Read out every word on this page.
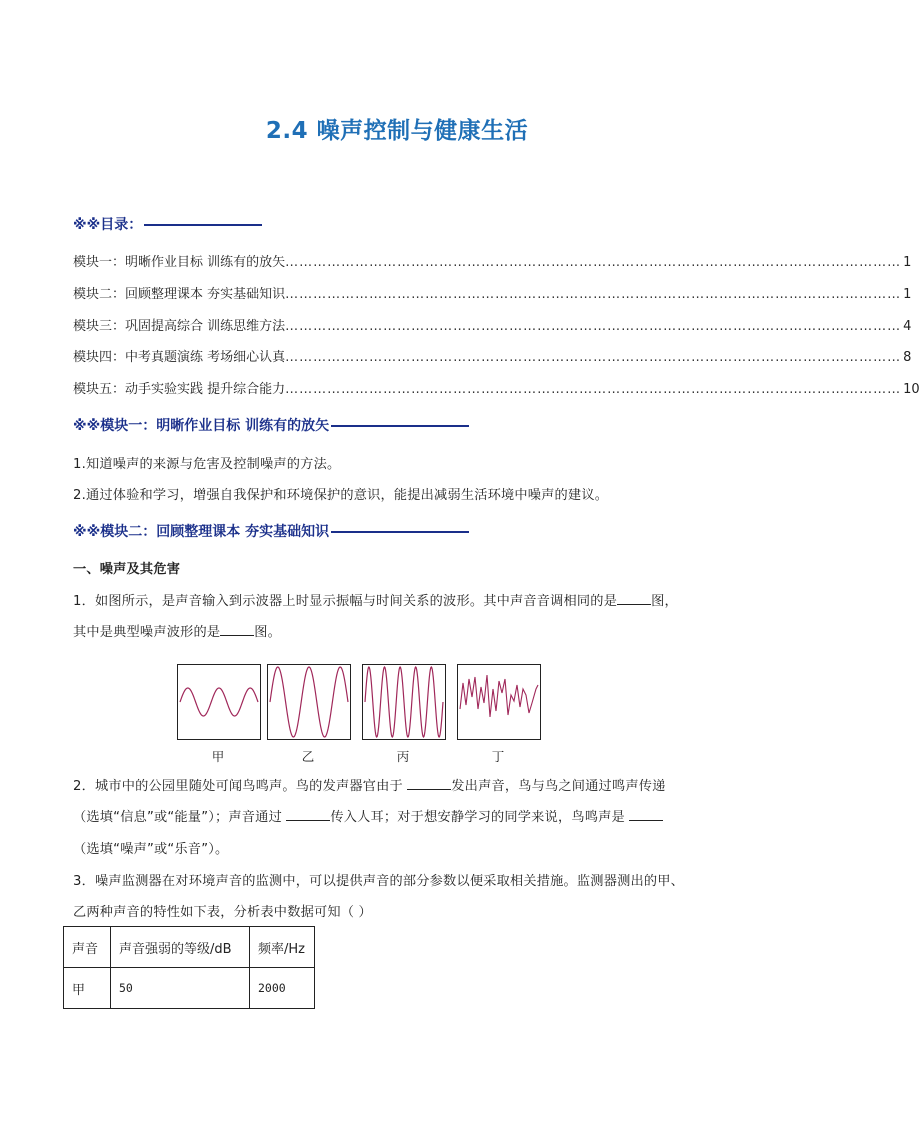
2.4 噪声控制与健康生活
※※目录：
模块一：明晰作业目标 训练有的放矢 …………………………………………………………………………………………………………………… 1
模块二：回顾整理课本 夯实基础知识 …………………………………………………………………………………………………………………… 1
模块三：巩固提高综合 训练思维方法 …………………………………………………………………………………………………………………… 4
模块四：中考真题演练 考场细心认真 …………………………………………………………………………………………………………………… 8
模块五：动手实验实践 提升综合能力 …………………………………………………………………………………………………………………… 10
※※模块一：明晰作业目标 训练有的放矢
1.知道噪声的来源与危害及控制噪声的方法。
2.通过体验和学习，增强自我保护和环境保护的意识，能提出减弱生活环境中噪声的建议。
※※模块二：回顾整理课本 夯实基础知识
一、噪声及其危害
1．如图所示，是声音输入到示波器上时显示振幅与时间关系的波形。其中声音音调相同的是	图，
其中是典型噪声波形的是	图。
甲	乙	丙	丁
2．城市中的公园里随处可闻鸟鸣声。鸟的发声器官由于	发出声音，鸟与鸟之间通过鸣声传递
（选填“信息”或“能量”）；声音通过	传入人耳；对于想安静学习的同学来说，鸟鸣声是
（选填“噪声”或“乐音”）。
3．噪声监测器在对环境声音的监测中，可以提供声音的部分参数以便采取相关措施。监测器测出的甲、
乙两种声音的特性如下表，分析表中数据可知（ ）
声音	声音强弱的等级/dB	频率/Hz
甲	50	2000
